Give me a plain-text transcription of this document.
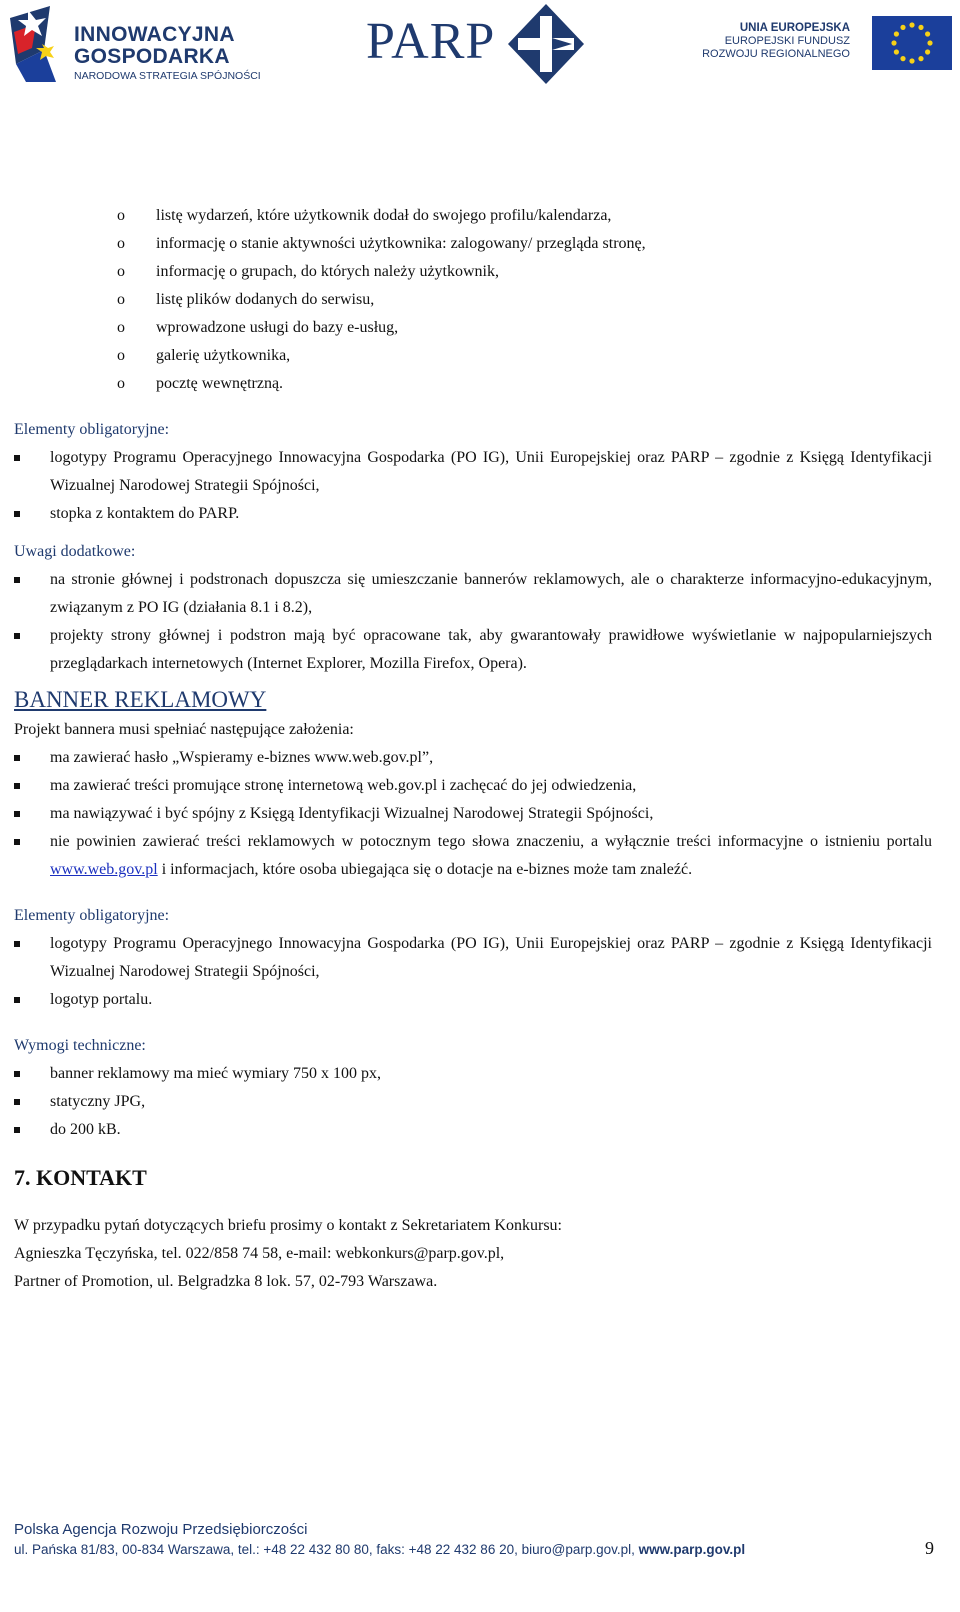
INNOWACYJNA
GOSPODARKA
NARODOWA STRATEGIA SPÓJNOŚCI
PARP	UNIA EUROPEJSKA
EUROPEJSKI FUNDUSZ
ROZWOJU REGIONALNEGO
o listę wydarzeń, które użytkownik dodał do swojego profilu/kalendarza,
o informację o stanie aktywności użytkownika: zalogowany/ przegląda stronę,
o informację o grupach, do których należy użytkownik,
o listę plików dodanych do serwisu,
o wprowadzone usługi do bazy e-usług,
o galerię użytkownika,
o pocztę wewnętrzną.
Elementy obligatoryjne:
logotypy Programu Operacyjnego Innowacyjna Gospodarka (PO IG), Unii Europejskiej oraz PARP – zgodnie z Księgą Identyfikacji Wizualnej Narodowej Strategii Spójności,
stopka z kontaktem do PARP.
Uwagi dodatkowe:
na stronie głównej i podstronach dopuszcza się umieszczanie bannerów reklamowych, ale o charakterze informacyjno-edukacyjnym, związanym z PO IG (działania 8.1 i 8.2),
projekty strony głównej i podstron mają być opracowane tak, aby gwarantowały prawidłowe wyświetlanie w najpopularniejszych przeglądarkach internetowych (Internet Explorer, Mozilla Firefox, Opera).
BANNER REKLAMOWY
Projekt bannera musi spełniać następujące założenia:
ma zawierać hasło „Wspieramy e-biznes www.web.gov.pl”,
ma zawierać treści promujące stronę internetową web.gov.pl i zachęcać do jej odwiedzenia,
ma nawiązywać i być spójny z Księgą Identyfikacji Wizualnej Narodowej Strategii Spójności,
nie powinien zawierać treści reklamowych w potocznym tego słowa znaczeniu, a wyłącznie treści informacyjne o istnieniu portalu www.web.gov.pl i informacjach, które osoba ubiegająca się o dotacje na e-biznes może tam znaleźć.
Elementy obligatoryjne:
logotypy Programu Operacyjnego Innowacyjna Gospodarka (PO IG), Unii Europejskiej oraz PARP – zgodnie z Księgą Identyfikacji Wizualnej Narodowej Strategii Spójności,
logotyp portalu.
Wymogi techniczne:
banner reklamowy ma mieć wymiary 750 x 100 px,
statyczny JPG,
do 200 kB.
7. KONTAKT
W przypadku pytań dotyczących briefu prosimy o kontakt z Sekretariatem Konkursu:
Agnieszka Tęczyńska, tel. 022/858 74 58, e-mail: webkonkurs@parp.gov.pl,
Partner of Promotion, ul. Belgradzka 8 lok. 57, 02-793 Warszawa.
Polska Agencja Rozwoju Przedsiębiorczości
ul. Pańska 81/83, 00-834 Warszawa, tel.: +48 22 432 80 80, faks: +48 22 432 86 20, biuro@parp.gov.pl, www.parp.gov.pl	9
